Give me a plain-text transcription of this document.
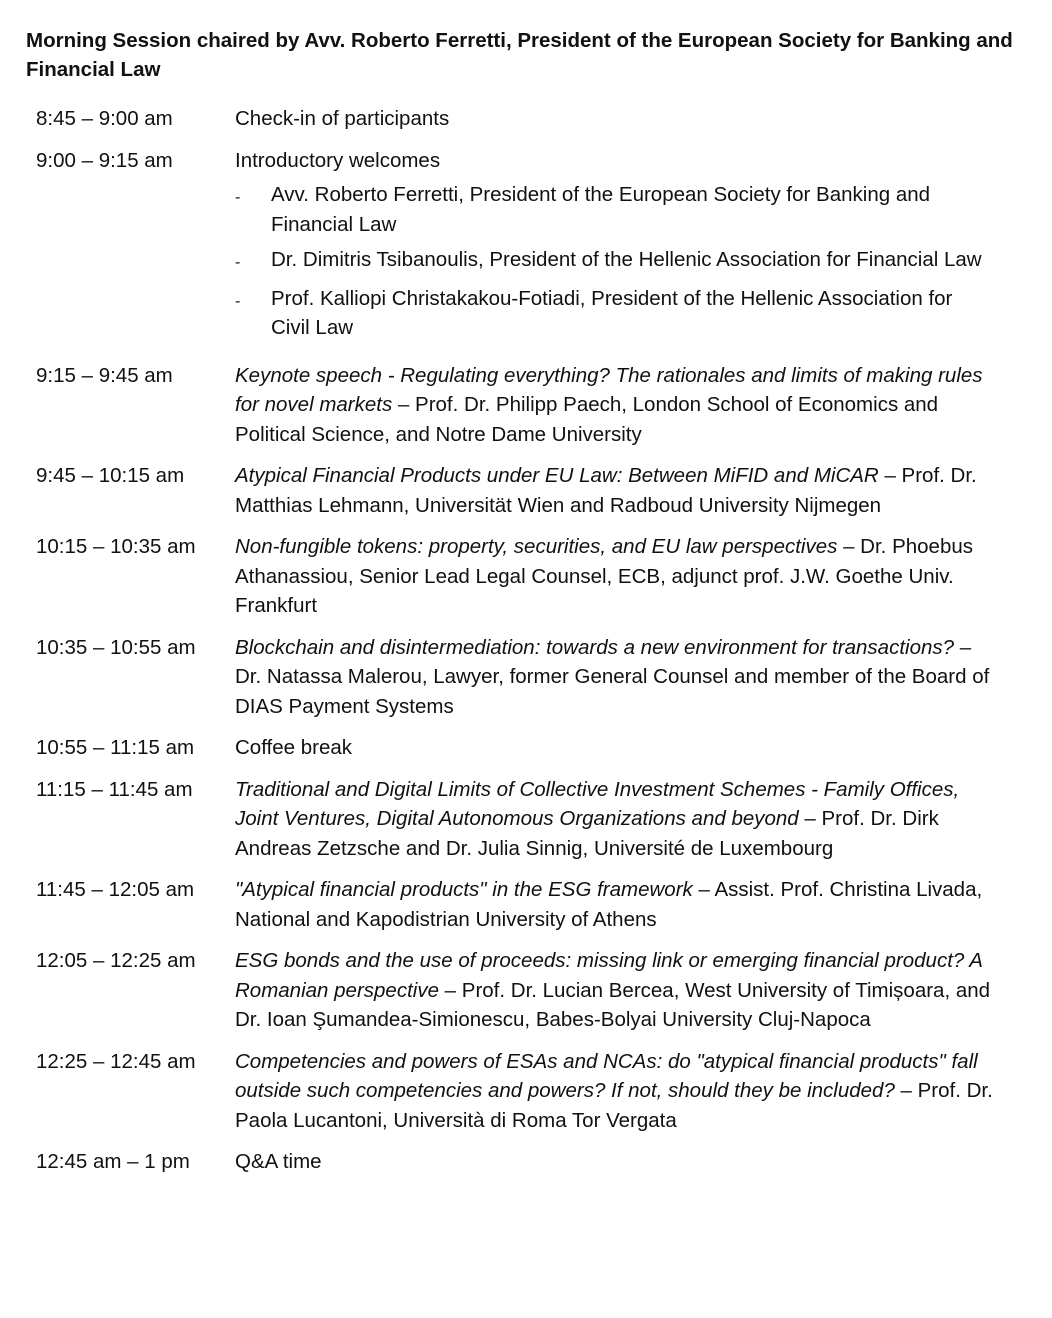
Morning Session chaired by Avv. Roberto Ferretti, President of the European Society for Banking and Financial Law
8:45 – 9:00 am	Check-in of participants
9:00 – 9:15 am	Introductory welcomes
-	Avv. Roberto Ferretti, President of the European Society for Banking and Financial Law
-	Dr. Dimitris Tsibanoulis, President of the Hellenic Association for Financial Law
-	Prof. Kalliopi Christakakou-Fotiadi, President of the Hellenic Association for Civil Law
9:15 – 9:45 am	Keynote speech - Regulating everything? The rationales and limits of making rules for novel markets – Prof. Dr. Philipp Paech, London School of Economics and Political Science, and Notre Dame University
9:45 – 10:15 am	Atypical Financial Products under EU Law: Between MiFID and MiCAR – Prof. Dr. Matthias Lehmann, Universität Wien and Radboud University Nijmegen
10:15 – 10:35 am	Non-fungible tokens: property, securities, and EU law perspectives – Dr. Phoebus Athanassiou, Senior Lead Legal Counsel, ECB, adjunct prof. J.W. Goethe Univ. Frankfurt
10:35 – 10:55 am	Blockchain and disintermediation: towards a new environment for transactions? – Dr. Natassa Malerou, Lawyer, former General Counsel and member of the Board of DIAS Payment Systems
10:55 – 11:15 am	Coffee break
11:15 – 11:45 am	Traditional and Digital Limits of Collective Investment Schemes - Family Offices, Joint Ventures, Digital Autonomous Organizations and beyond – Prof. Dr. Dirk Andreas Zetzsche and Dr. Julia Sinnig, Université de Luxembourg
11:45 – 12:05 am	"Atypical financial products" in the ESG framework – Assist. Prof. Christina Livada, National and Kapodistrian University of Athens
12:05 – 12:25 am	ESG bonds and the use of proceeds: missing link or emerging financial product? A Romanian perspective – Prof. Dr. Lucian Bercea, West University of Timișoara, and Dr. Ioan Şumandea-Simionescu, Babes-Bolyai University Cluj-Napoca
12:25 – 12:45 am	Competencies and powers of ESAs and NCAs: do "atypical financial products" fall outside such competencies and powers? If not, should they be included? – Prof. Dr. Paola Lucantoni, Università di Roma Tor Vergata
12:45 am – 1 pm	Q&A time
